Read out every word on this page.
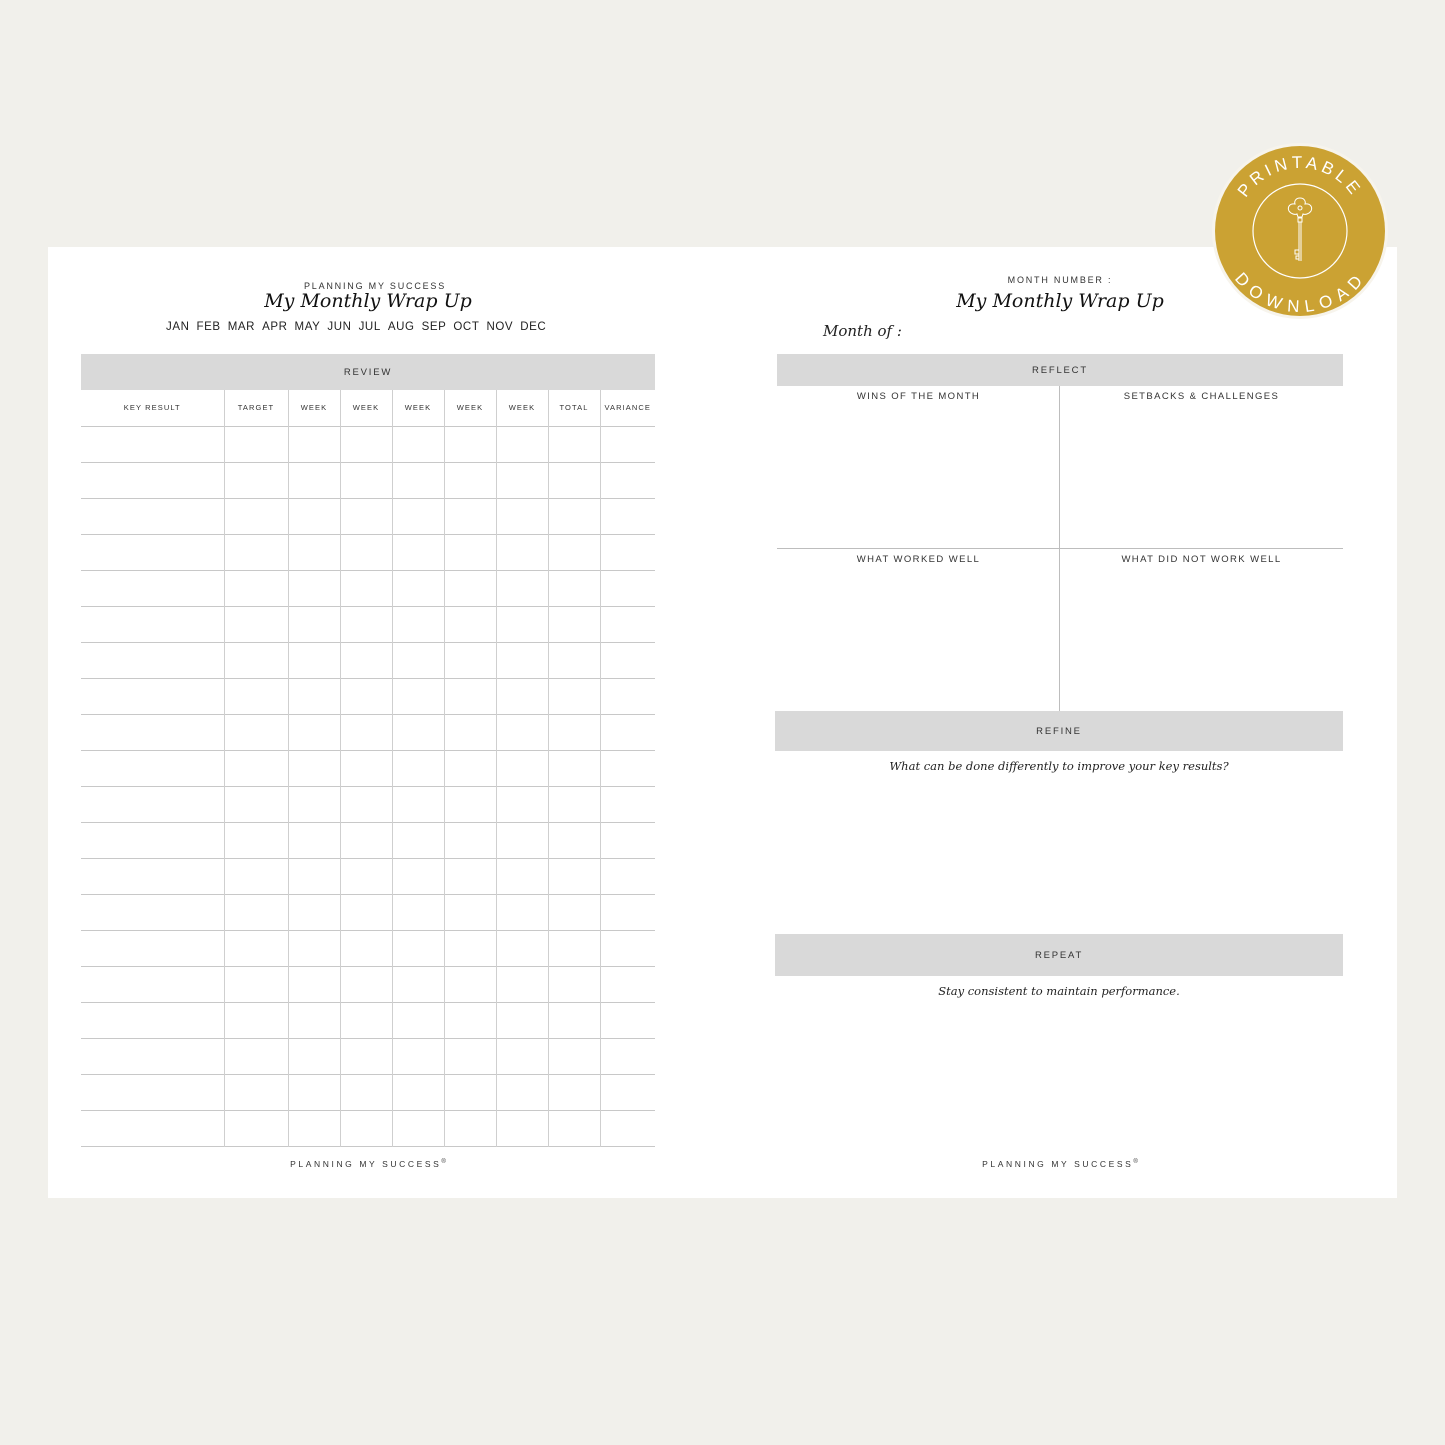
PLANNING MY SUCCESS
My Monthly Wrap Up
JAN FEB MAR APR MAY JUN JUL AUG SEP OCT NOV DEC
REVIEW
KEY RESULT	TARGET	WEEK	WEEK	WEEK	WEEK	WEEK	TOTAL	VARIANCE

PLANNING MY SUCCESS®
MONTH NUMBER :
My Monthly Wrap Up
Month of :
REFLECT
WINS OF THE MONTH	SETBACKS & CHALLENGES
WHAT WORKED WELL	WHAT DID NOT WORK WELL
REFINE
What can be done differently to improve your key results?
REPEAT
Stay consistent to maintain performance.
PLANNING MY SUCCESS®
PRINTABLE
DOWNLOAD
